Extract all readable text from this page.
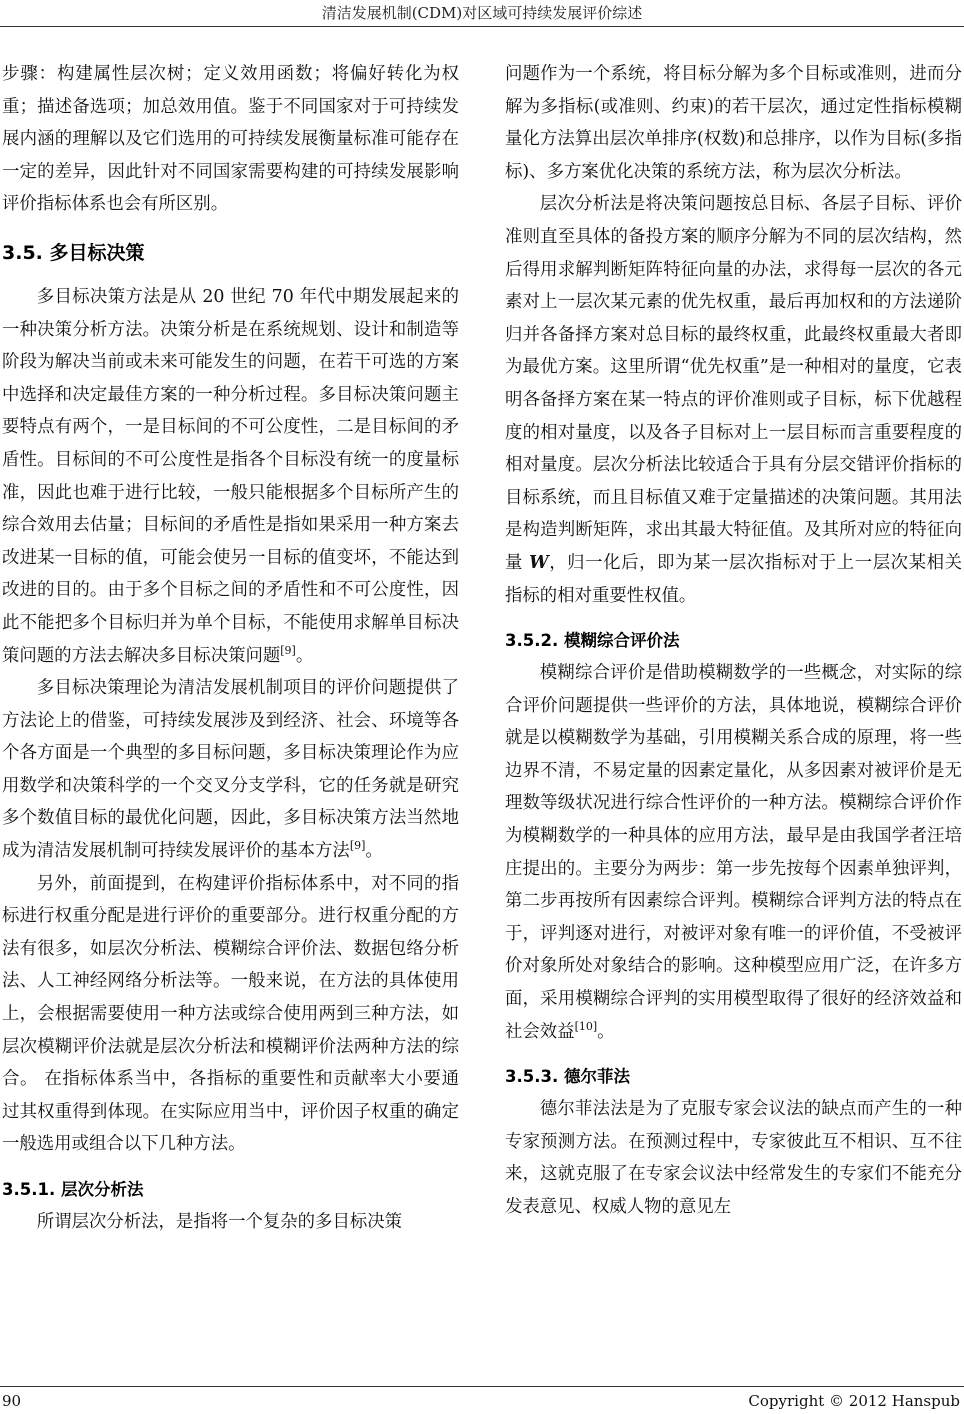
清洁发展机制(CDM)对区域可持续发展评价综述

步骤：构建属性层次树；定义效用函数；将偏好转化为权重；描述备选项；加总效用值。鉴于不同国家对于可持续发展内涵的理解以及它们选用的可持续发展衡量标准可能存在一定的差异，因此针对不同国家需要构建的可持续发展影响评价指标体系也会有所区别。

3.5. 多目标决策

多目标决策方法是从 20 世纪 70 年代中期发展起来的一种决策分析方法。决策分析是在系统规划、设计和制造等阶段为解决当前或未来可能发生的问题，在若干可选的方案中选择和决定最佳方案的一种分析过程。多目标决策问题主要特点有两个，一是目标间的不可公度性，二是目标间的矛盾性。目标间的不可公度性是指各个目标没有统一的度量标准，因此也难于进行比较，一般只能根据多个目标所产生的综合效用去估量；目标间的矛盾性是指如果采用一种方案去改进某一目标的值，可能会使另一目标的值变坏，不能达到改进的目的。由于多个目标之间的矛盾性和不可公度性，因此不能把多个目标归并为单个目标，不能使用求解单目标决策问题的方法去解决多目标决策问题[9]。

多目标决策理论为清洁发展机制项目的评价问题提供了方法论上的借鉴，可持续发展涉及到经济、社会、环境等各个各方面是一个典型的多目标问题，多目标决策理论作为应用数学和决策科学的一个交叉分支学科，它的任务就是研究多个数值目标的最优化问题，因此，多目标决策方法当然地成为清洁发展机制可持续发展评价的基本方法[9]。

另外，前面提到，在构建评价指标体系中，对不同的指标进行权重分配是进行评价的重要部分。进行权重分配的方法有很多，如层次分析法、模糊综合评价法、数据包络分析法、人工神经网络分析法等。一般来说，在方法的具体使用上，会根据需要使用一种方法或综合使用两到三种方法，如层次模糊评价法就是层次分析法和模糊评价法两种方法的综合。 在指标体系当中，各指标的重要性和贡献率大小要通过其权重得到体现。在实际应用当中，评价因子权重的确定一般选用或组合以下几种方法。

3.5.1. 层次分析法

所谓层次分析法，是指将一个复杂的多目标决策

问题作为一个系统，将目标分解为多个目标或准则，进而分解为多指标(或准则、约束)的若干层次，通过定性指标模糊量化方法算出层次单排序(权数)和总排序，以作为目标(多指标)、多方案优化决策的系统方法，称为层次分析法。

层次分析法是将决策问题按总目标、各层子目标、评价准则直至具体的备投方案的顺序分解为不同的层次结构，然后得用求解判断矩阵特征向量的办法，求得每一层次的各元素对上一层次某元素的优先权重，最后再加权和的方法递阶归并各备择方案对总目标的最终权重，此最终权重最大者即为最优方案。这里所谓“优先权重”是一种相对的量度，它表明各备择方案在某一特点的评价准则或子目标，标下优越程度的相对量度，以及各子目标对上一层目标而言重要程度的相对量度。层次分析法比较适合于具有分层交错评价指标的目标系统，而且目标值又难于定量描述的决策问题。其用法是构造判断矩阵，求出其最大特征值。及其所对应的特征向量 W，归一化后，即为某一层次指标对于上一层次某相关指标的相对重要性权值。

3.5.2. 模糊综合评价法

模糊综合评价是借助模糊数学的一些概念，对实际的综合评价问题提供一些评价的方法，具体地说，模糊综合评价就是以模糊数学为基础，引用模糊关系合成的原理，将一些边界不清，不易定量的因素定量化，从多因素对被评价是无理数等级状况进行综合性评价的一种方法。模糊综合评价作为模糊数学的一种具体的应用方法，最早是由我国学者汪培庄提出的。主要分为两步：第一步先按每个因素单独评判，第二步再按所有因素综合评判。模糊综合评判方法的特点在于，评判逐对进行，对被评对象有唯一的评价值，不受被评价对象所处对象结合的影响。这种模型应用广泛，在许多方面，采用模糊综合评判的实用模型取得了很好的经济效益和社会效益[10]。

3.5.3. 德尔菲法

德尔菲法法是为了克服专家会议法的缺点而产生的一种专家预测方法。在预测过程中，专家彼此互不相识、互不往来，这就克服了在专家会议法中经常发生的专家们不能充分发表意见、权威人物的意见左

90	Copyright © 2012 Hanspub
